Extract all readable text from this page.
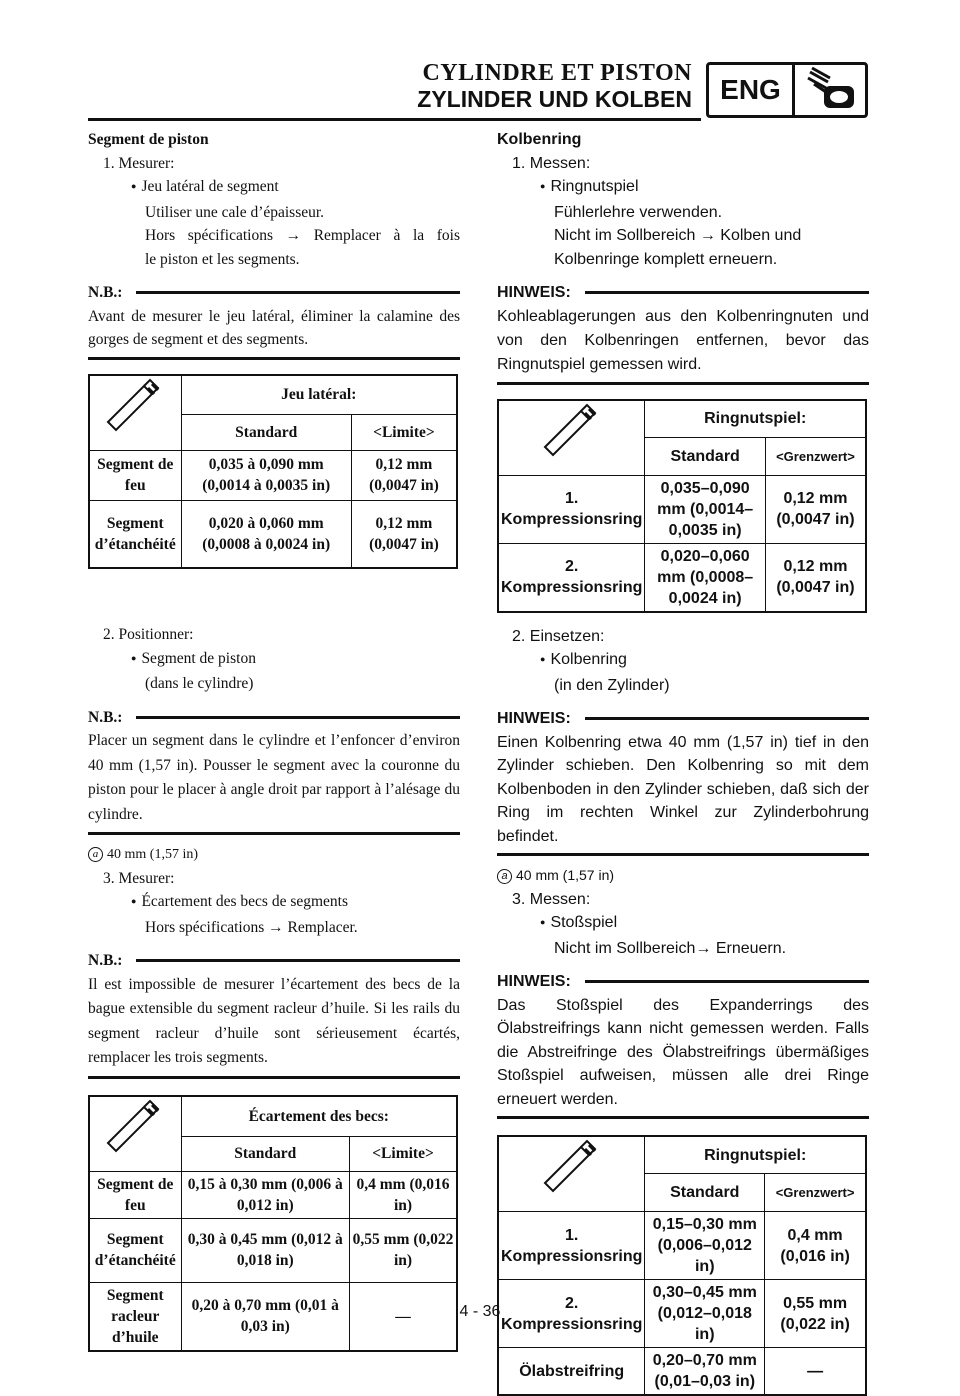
CYLINDRE ET PISTON
ZYLINDER UND KOLBEN	ENG
Segment de piston
1. Mesurer:
● Jeu latéral de segment
Utiliser une cale d’épaisseur.
Hors spécifications → Remplacer à la fois
le piston et les segments.
N.B.:
Avant de mesurer le jeu latéral, éliminer la calamine des gorges de segment et des segments.
	Jeu latéral:	
	Standard	<Limite>
Segment de feu	0,035 à 0,090 mm (0,0014 à 0,0035 in)	0,12 mm (0,0047 in)
Segment d’étanchéité	0,020 à 0,060 mm (0,0008 à 0,0024 in)	0,12 mm (0,0047 in)
2. Positionner:
● Segment de piston
(dans le cylindre)
N.B.:
Placer un segment dans le cylindre et l’enfoncer d’environ 40 mm (1,57 in). Pousser le segment avec la couronne du piston pour le placer à angle droit par rapport à l’alésage du cylindre.
a 40 mm (1,57 in)
3. Mesurer:
● Écartement des becs de segments
Hors spécifications → Remplacer.
N.B.:
Il est impossible de mesurer l’écartement des becs de la bague extensible du segment racleur d’huile. Si les rails du segment racleur d’huile sont sérieusement écartés, remplacer les trois segments.
	Écartement des becs:	
	Standard	<Limite>
Segment de feu	0,15 à 0,30 mm (0,006 à 0,012 in)	0,4 mm (0,016 in)
Segment d’étanchéité	0,30 à 0,45 mm (0,012 à 0,018 in)	0,55 mm (0,022 in)
Segment racleur d’huile	0,20 à 0,70 mm (0,01 à 0,03 in)	—
Kolbenring
1. Messen:
● Ringnutspiel
Fühlerlehre verwenden.
Nicht im Sollbereich → Kolben und Kolbenringe komplett erneuern.
HINWEIS:
Kohleablagerungen aus den Kolbenringnuten und von den Kolbenringen entfernen, bevor das Ringnutspiel gemessen wird.
	Ringnutspiel:	
	Standard	<Grenzwert>
1. Kompressionsring	0,035–0,090 mm (0,0014–0,0035 in)	0,12 mm (0,0047 in)
2. Kompressionsring	0,020–0,060 mm (0,0008–0,0024 in)	0,12 mm (0,0047 in)
2. Einsetzen:
● Kolbenring
(in den Zylinder)
HINWEIS:
Einen Kolbenring etwa 40 mm (1,57 in) tief in den Zylinder schieben. Den Kolbenring so mit dem Kolbenboden in den Zylinder schieben, daß sich der Ring im rechten Winkel zur Zylinderbohrung befindet.
a 40 mm (1,57 in)
3. Messen:
● Stoßspiel
Nicht im Sollbereich→ Erneuern.
HINWEIS:
Das Stoßspiel des Expanderrings des Ölabstreifrings kann nicht gemessen werden. Falls die Abstreifringe des Ölabstreifrings übermäßiges Stoßspiel aufweisen, müssen alle drei Ringe erneuert werden.
	Ringnutspiel:	
	Standard	<Grenzwert>
1. Kompressionsring	0,15–0,30 mm (0,006–0,012 in)	0,4 mm (0,016 in)
2. Kompressionsring	0,30–0,45 mm (0,012–0,018 in)	0,55 mm (0,022 in)
Ölabstreifring	0,20–0,70 mm (0,01–0,03 in)	—
4 - 36
